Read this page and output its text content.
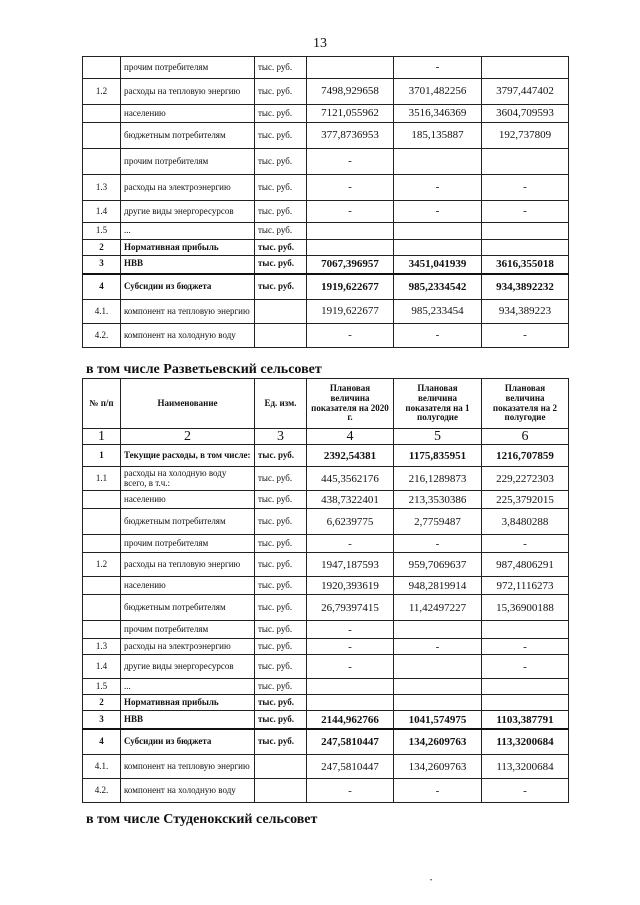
13
	прочим потребителям	тыс. руб.		-	
1.2	расходы на тепловую энергию	тыс. руб.	7498,929658	3701,482256	3797,447402
	населению	тыс. руб.	7121,055962	3516,346369	3604,709593
	бюджетным потребителям	тыс. руб.	377,8736953	185,135887	192,737809
	прочим потребителям	тыс. руб.	-		
1.3	расходы на электроэнергию	тыс. руб.	-	-	-
1.4	другие виды энергоресурсов	тыс. руб.	-	-	-
1.5	...	тыс. руб.			
2	Нормативная прибыль	тыс. руб.			
3	НВВ	тыс. руб.	7067,396957	3451,041939	3616,355018
4	Субсидии из бюджета	тыс. руб.	1919,622677	985,2334542	934,3892232
4.1.	компонент на тепловую энергию		1919,622677	985,233454	934,389223
4.2.	компонент на холодную воду		-	-	-
в том числе Разветьевский сельсовет
№ п/п	Наименование	Ед. изм.	Плановая величина показателя на 2020 г.	Плановая величина показателя на 1 полугодие	Плановая величина показателя на 2 полугодие
1	2	3	4	5	6
1	Текущие расходы, в том числе:	тыс. руб.	2392,54381	1175,835951	1216,707859
1.1	расходы на холодную воду всего, в т.ч.:	тыс. руб.	445,3562176	216,1289873	229,2272303
	населению	тыс. руб.	438,7322401	213,3530386	225,3792015
	бюджетным потребителям	тыс. руб.	6,6239775	2,7759487	3,8480288
	прочим потребителям	тыс. руб.	-	-	-
1.2	расходы на тепловую энергию	тыс. руб.	1947,187593	959,7069637	987,4806291
	населению	тыс. руб.	1920,393619	948,2819914	972,1116273
	бюджетным потребителям	тыс. руб.	26,79397415	11,42497227	15,36900188
	прочим потребителям	тыс. руб.	-		
1.3	расходы на электроэнергию	тыс. руб.	-	-	-
1.4	другие виды энергоресурсов	тыс. руб.	-		-
1.5	...	тыс. руб.			
2	Нормативная прибыль	тыс. руб.			
3	НВВ	тыс. руб.	2144,962766	1041,574975	1103,387791
4	Субсидии из бюджета	тыс. руб.	247,5810447	134,2609763	113,3200684
4.1.	компонент на тепловую энергию		247,5810447	134,2609763	113,3200684
4.2.	компонент на холодную воду		-	-	-
в том числе Студенокский сельсовет
•
